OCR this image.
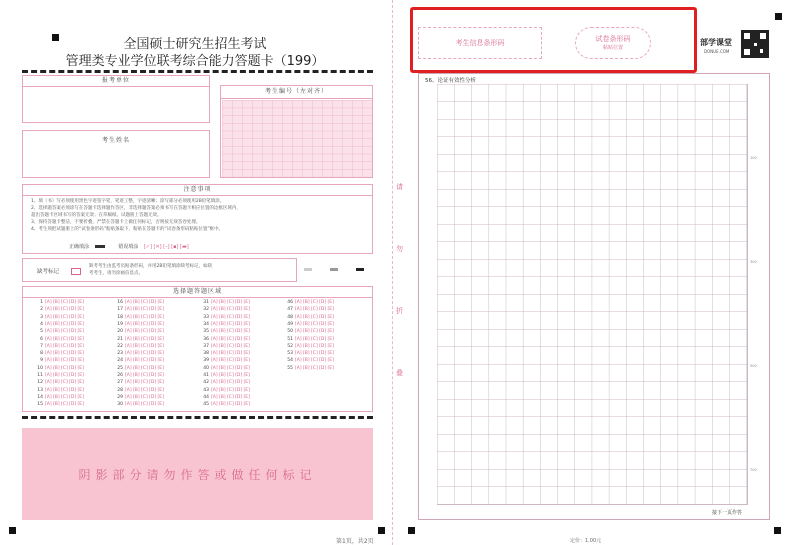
全国硕士研究生招生考试
管理类专业学位联考综合能力答题卡（199）
报考单位
考生姓名
考生编号（左对齐）
注意事项
1、填（书）写必须使用黑色字迹签字笔，笔迹工整，字迹清晰；涂写部分必须使用2B铅笔填涂。
2、选择题答案必须涂写在答题卡选择题作答区，非选择题答案必须书写在答题卡相应位置的边框区域内，
超出答题卡区域书写的答案无效；在草稿纸、试题册上答题无效。
3、保持答题卡整洁，不要折叠，严禁在答题卡上做任何标记，否则按无效答卷处理。
4、考生须把试题册上的“试卷条形码”粘贴条取下，粘贴在答题卡的“试卷条形码粘贴位置”框中。
正确填涂	错误填涂 [✓] [✕] [–] [▪] [▬]
缺考标记
缺考考生由监考员贴条形码，并用2B铅笔填涂缺考标记，如缺
考考生，请勿涂画信息点。
选择题答题区域
1 [A] [B] [C] [D] [E]
2 [A] [B] [C] [D] [E]
3 [A] [B] [C] [D] [E]
4 [A] [B] [C] [D] [E]
5 [A] [B] [C] [D] [E]
6 [A] [B] [C] [D] [E]
7 [A] [B] [C] [D] [E]
8 [A] [B] [C] [D] [E]
9 [A] [B] [C] [D] [E]
10 [A] [B] [C] [D] [E]
11 [A] [B] [C] [D] [E]
12 [A] [B] [C] [D] [E]
13 [A] [B] [C] [D] [E]
14 [A] [B] [C] [D] [E]
15 [A] [B] [C] [D] [E]
16 [A] [B] [C] [D] [E]
17 [A] [B] [C] [D] [E]
18 [A] [B] [C] [D] [E]
19 [A] [B] [C] [D] [E]
20 [A] [B] [C] [D] [E]
21 [A] [B] [C] [D] [E]
22 [A] [B] [C] [D] [E]
23 [A] [B] [C] [D] [E]
24 [A] [B] [C] [D] [E]
25 [A] [B] [C] [D] [E]
26 [A] [B] [C] [D] [E]
27 [A] [B] [C] [D] [E]
28 [A] [B] [C] [D] [E]
29 [A] [B] [C] [D] [E]
30 [A] [B] [C] [D] [E]
31 [A] [B] [C] [D] [E]
32 [A] [B] [C] [D] [E]
33 [A] [B] [C] [D] [E]
34 [A] [B] [C] [D] [E]
35 [A] [B] [C] [D] [E]
36 [A] [B] [C] [D] [E]
37 [A] [B] [C] [D] [E]
38 [A] [B] [C] [D] [E]
39 [A] [B] [C] [D] [E]
40 [A] [B] [C] [D] [E]
41 [A] [B] [C] [D] [E]
42 [A] [B] [C] [D] [E]
43 [A] [B] [C] [D] [E]
44 [A] [B] [C] [D] [E]
45 [A] [B] [C] [D] [E]
46 [A] [B] [C] [D] [E]
47 [A] [B] [C] [D] [E]
48 [A] [B] [C] [D] [E]
49 [A] [B] [C] [D] [E]
50 [A] [B] [C] [D] [E]
51 [A] [B] [C] [D] [E]
52 [A] [B] [C] [D] [E]
53 [A] [B] [C] [D] [E]
54 [A] [B] [C] [D] [E]
55 [A] [B] [C] [D] [E]
阴影部分请勿作答或做任何标记
第1页，共2页
请
勿
折
叠
考生信息条形码	试卷条形码
粘贴位置
部学课堂
DONUE.COM
56、论证有效性分析
100
300
500
700
接下一页作答
定价：1.00元
